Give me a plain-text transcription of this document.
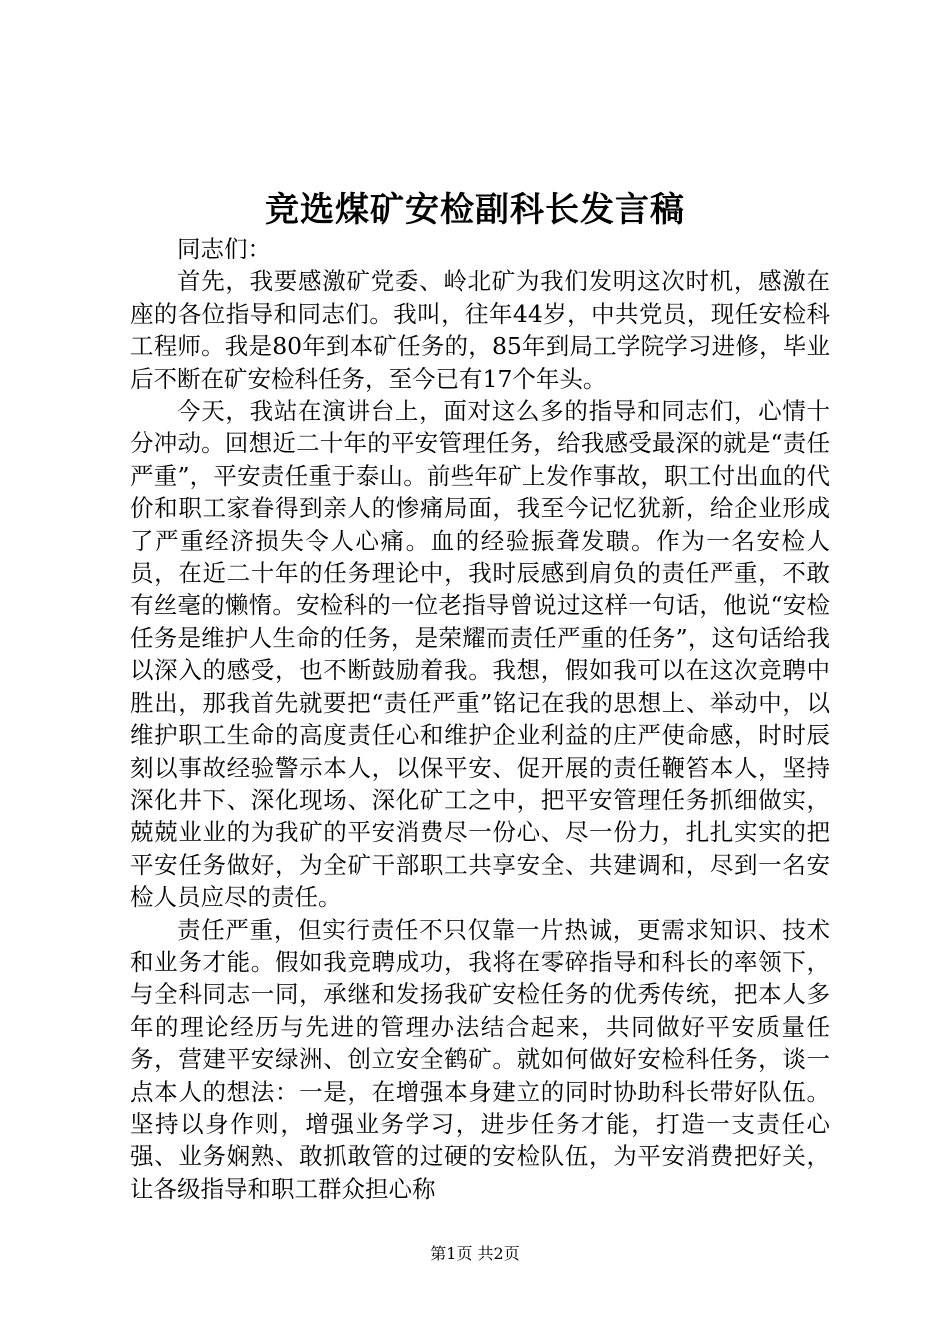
竞选煤矿安检副科长发言稿

同志们：

首先，我要感激矿党委、岭北矿为我们发明这次时机，感激在座的各位指导和同志们。我叫，往年44岁，中共党员，现任安检科工程师。我是80年到本矿任务的，85年到局工学院学习进修，毕业后不断在矿安检科任务，至今已有17个年头。

今天，我站在演讲台上，面对这么多的指导和同志们，心情十分冲动。回想近二十年的平安管理任务，给我感受最深的就是“责任严重”，平安责任重于泰山。前些年矿上发作事故，职工付出血的代价和职工家眷得到亲人的惨痛局面，我至今记忆犹新，给企业形成了严重经济损失令人心痛。血的经验振聋发聩。作为一名安检人员，在近二十年的任务理论中，我时辰感到肩负的责任严重，不敢有丝毫的懒惰。安检科的一位老指导曾说过这样一句话，他说“安检任务是维护人生命的任务，是荣耀而责任严重的任务”，这句话给我以深入的感受，也不断鼓励着我。我想，假如我可以在这次竞聘中胜出，那我首先就要把“责任严重”铭记在我的思想上、举动中，以维护职工生命的高度责任心和维护企业利益的庄严使命感，时时辰刻以事故经验警示本人，以保平安、促开展的责任鞭笞本人，坚持深化井下、深化现场、深化矿工之中，把平安管理任务抓细做实，兢兢业业的为我矿的平安消费尽一份心、尽一份力，扎扎实实的把平安任务做好，为全矿干部职工共享安全、共建调和，尽到一名安检人员应尽的责任。

责任严重，但实行责任不只仅靠一片热诚，更需求知识、技术和业务才能。假如我竞聘成功，我将在零碎指导和科长的率领下，与全科同志一同，承继和发扬我矿安检任务的优秀传统，把本人多年的理论经历与先进的管理办法结合起来，共同做好平安质量任务，营建平安绿洲、创立安全鹤矿。就如何做好安检科任务，谈一点本人的想法：一是，在增强本身建立的同时协助科长带好队伍。坚持以身作则，增强业务学习，进步任务才能，打造一支责任心强、业务娴熟、敢抓敢管的过硬的安检队伍，为平安消费把好关，让各级指导和职工群众担心称

第1页 共2页
